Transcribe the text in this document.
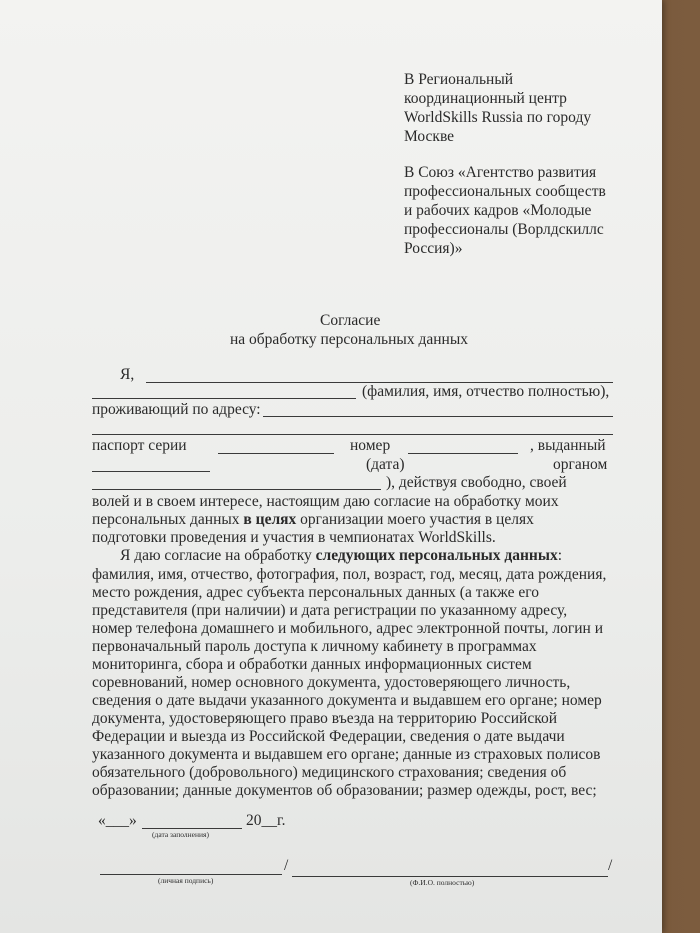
В Региональный
координационный центр
WorldSkills Russia по городу
Москве
В Союз «Агентство развития
профессиональных сообществ
и рабочих кадров «Молодые
профессионалы (Ворлдскиллс
Россия)»
Согласие
на обработку персональных данных
Я,
(фамилия, имя, отчество полностью),
проживающий по адресу:
паспорт серии	номер	, выданный
(дата)	органом
), действуя свободно, своей
волей и в своем интересе, настоящим даю согласие на обработку моих
персональных данных в целях организации моего участия в целях
подготовки проведения и участия в чемпионатах WorldSkills.
Я даю согласие на обработку следующих персональных данных:
фамилия, имя, отчество, фотография, пол, возраст, год, месяц, дата рождения,
место рождения, адрес субъекта персональных данных (а также его
представителя (при наличии) и дата регистрации по указанному адресу,
номер телефона домашнего и мобильного, адрес электронной почты, логин и
первоначальный пароль доступа к личному кабинету в программах
мониторинга, сбора и обработки данных информационных систем
соревнований, номер основного документа, удостоверяющего личность,
сведения о дате выдачи указанного документа и выдавшем его органе; номер
документа, удостоверяющего право въезда на территорию Российской
Федерации и выезда из Российской Федерации, сведения о дате выдачи
указанного документа и выдавшем его органе; данные из страховых полисов
обязательного (добровольного) медицинского страхования; сведения об
образовании; данные документов об образовании; размер одежды, рост, вес;
«___»	20__г.
(дата заполнения)
/	/
(личная подпись)	(Ф.И.О. полностью)
